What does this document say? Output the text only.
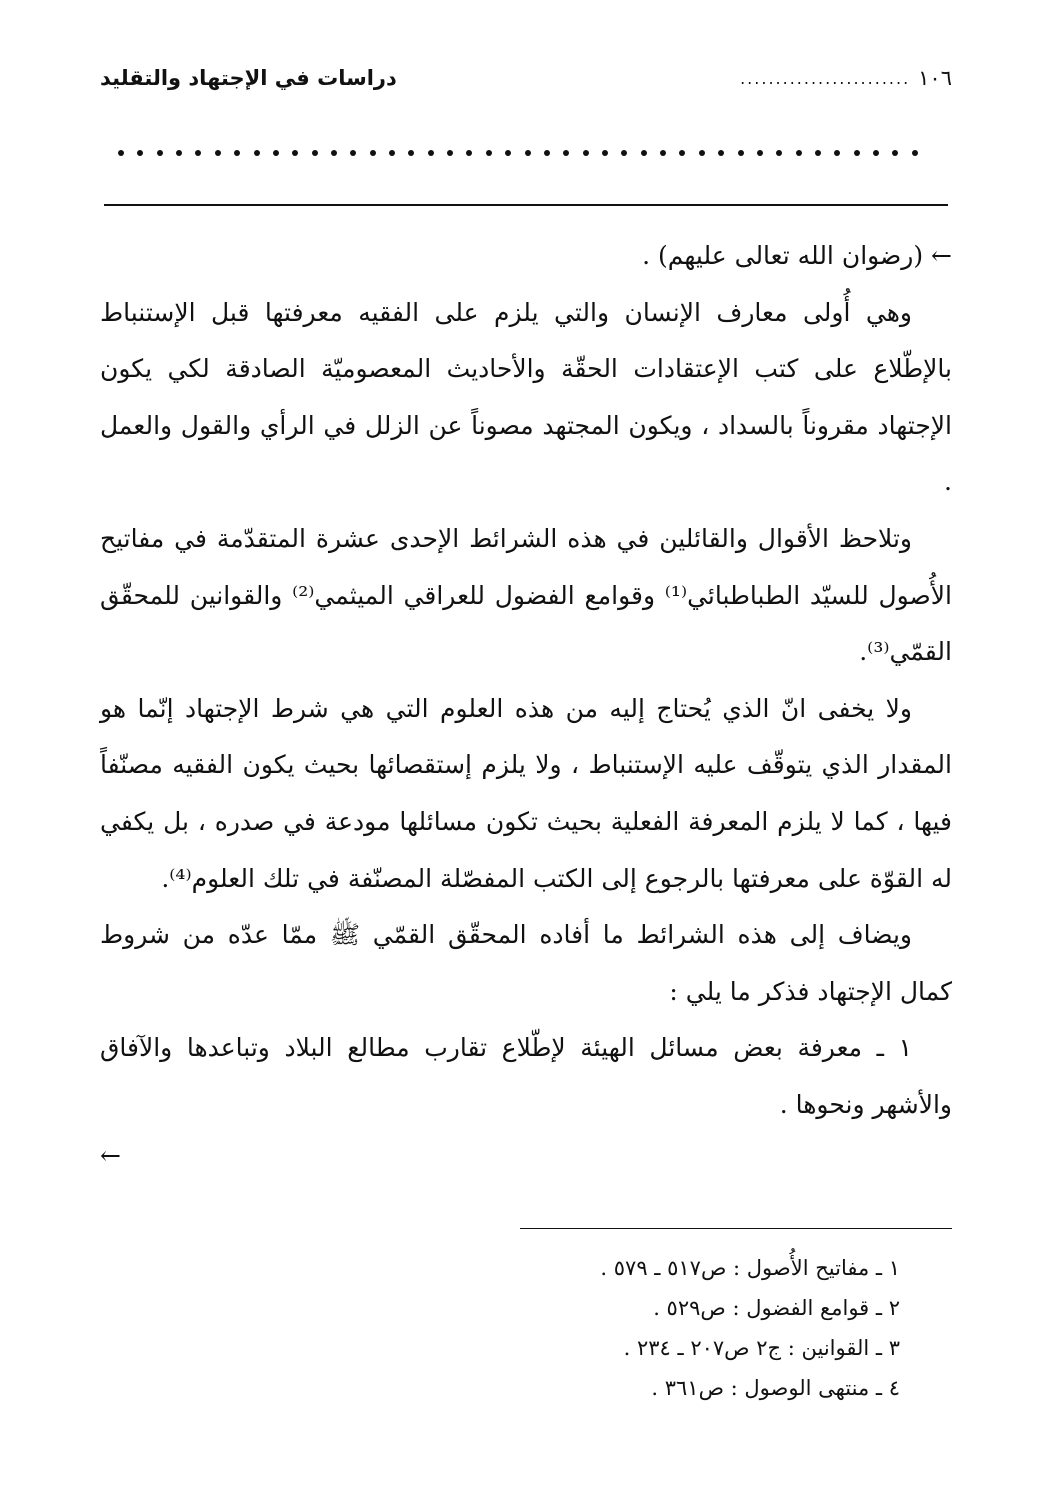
١٠٦
........................
دراسات في الإجتهاد والتقليد

← (رضوان الله تعالى عليهم) .

وهي أُولى معارف الإنسان والتي يلزم على الفقيه معرفتها قبل الإستنباط بالإطّلاع على كتب الإعتقادات الحقّة والأحاديث المعصوميّة الصادقة لكي يكون الإجتهاد مقروناً بالسداد ، ويكون المجتهد مصوناً عن الزلل في الرأي والقول والعمل .

وتلاحظ الأقوال والقائلين في هذه الشرائط الإحدى عشرة المتقدّمة في مفاتيح الأُصول للسيّد الطباطبائي⁽¹⁾ وقوامع الفضول للعراقي الميثمي⁽²⁾ والقوانين للمحقّق القمّي⁽³⁾.

ولا يخفى انّ الذي يُحتاج إليه من هذه العلوم التي هي شرط الإجتهاد إنّما هو المقدار الذي يتوقّف عليه الإستنباط ، ولا يلزم إستقصائها بحيث يكون الفقيه مصنّفاً فيها ، كما لا يلزم المعرفة الفعلية بحيث تكون مسائلها مودعة في صدره ، بل يكفي له القوّة على معرفتها بالرجوع إلى الكتب المفصّلة المصنّفة في تلك العلوم⁽⁴⁾.

ويضاف إلى هذه الشرائط ما أفاده المحقّق القمّي ﷺ ممّا عدّه من شروط كمال الإجتهاد فذكر ما يلي :

١ ـ معرفة بعض مسائل الهيئة لإطّلاع تقارب مطالع البلاد وتباعدها والآفاق والأشهر ونحوها .

←
١ ـ مفاتيح الأُصول : ص٥١٧ ـ ٥٧٩ .
٢ ـ قوامع الفضول : ص٥٢٩ .
٣ ـ القوانين : ج٢ ص٢٠٧ ـ ٢٣٤ .
٤ ـ منتهى الوصول : ص٣٦١ .
